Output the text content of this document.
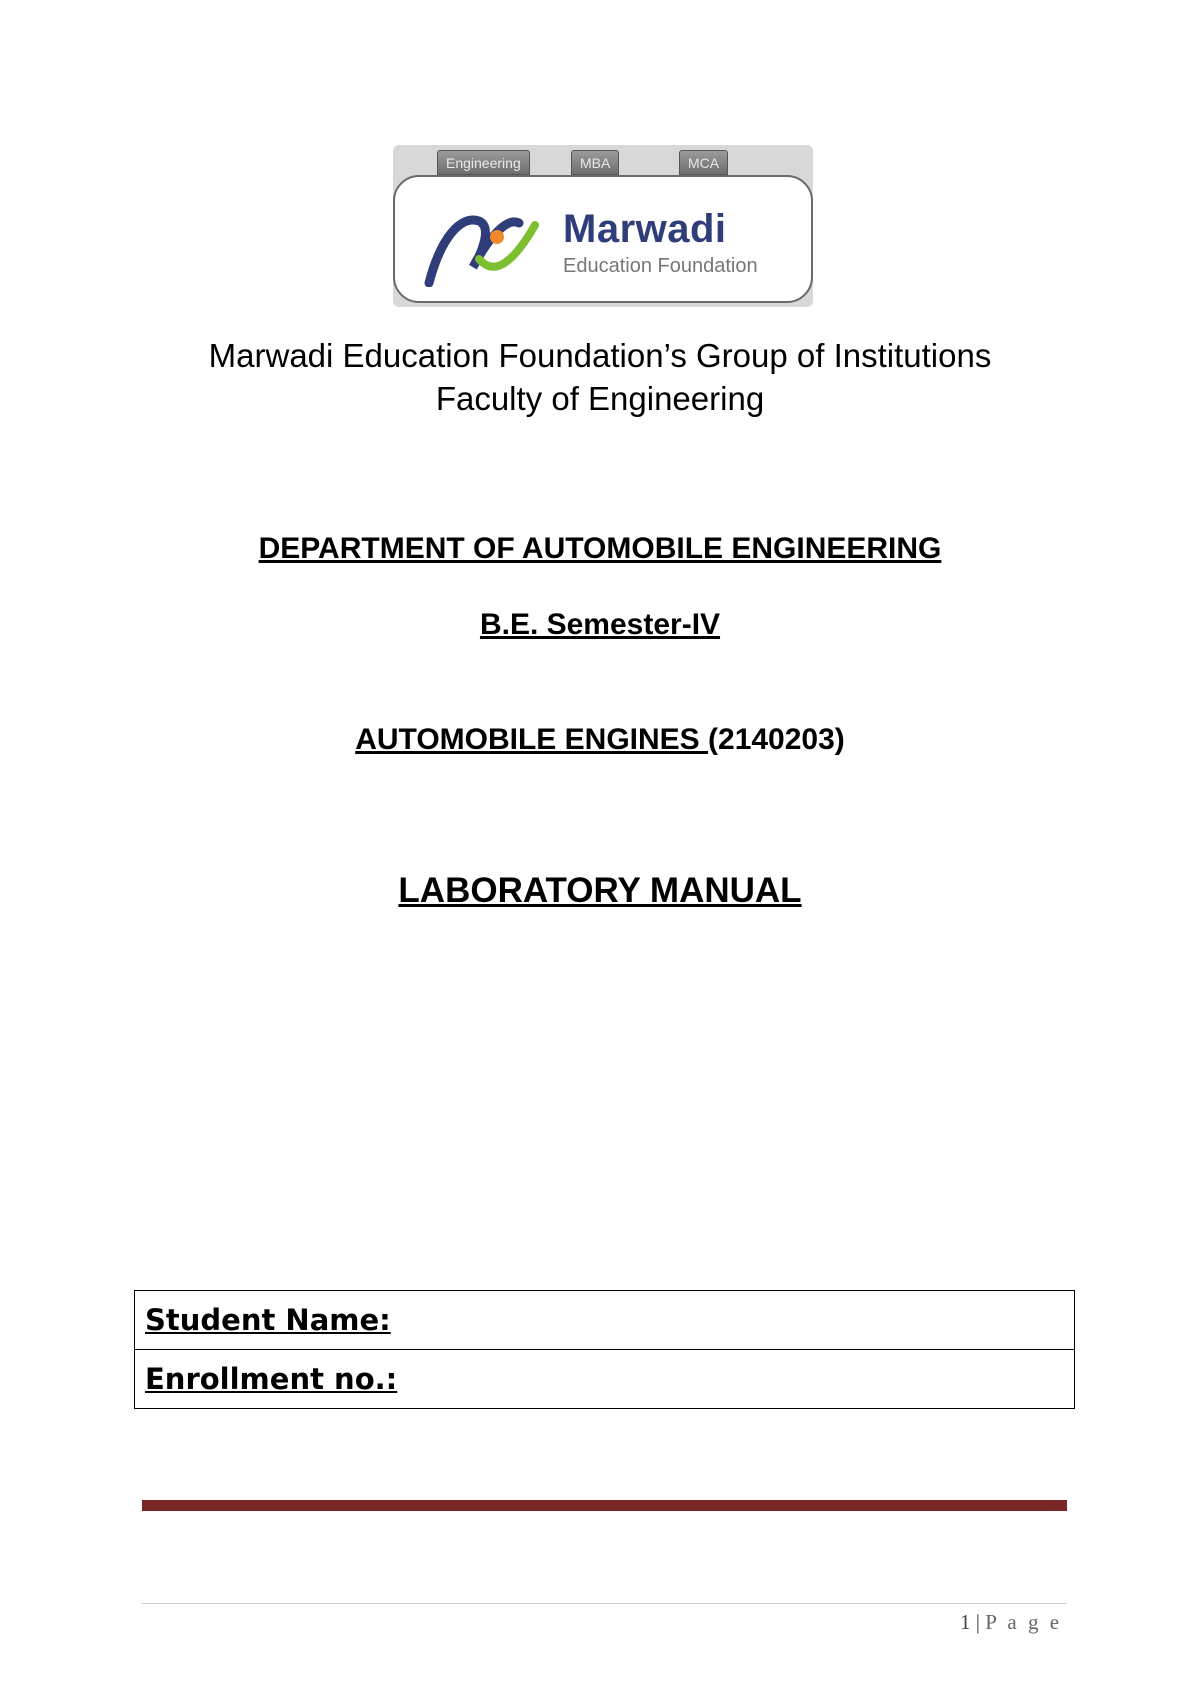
Engineering	MBA	MCA
Marwadi
Education Foundation
Marwadi Education Foundation’s Group of Institutions
Faculty of Engineering
DEPARTMENT OF AUTOMOBILE ENGINEERING
B.E. Semester-IV
AUTOMOBILE ENGINES (2140203)
LABORATORY MANUAL
Student Name:
Enrollment no.:
1 | P a g e
